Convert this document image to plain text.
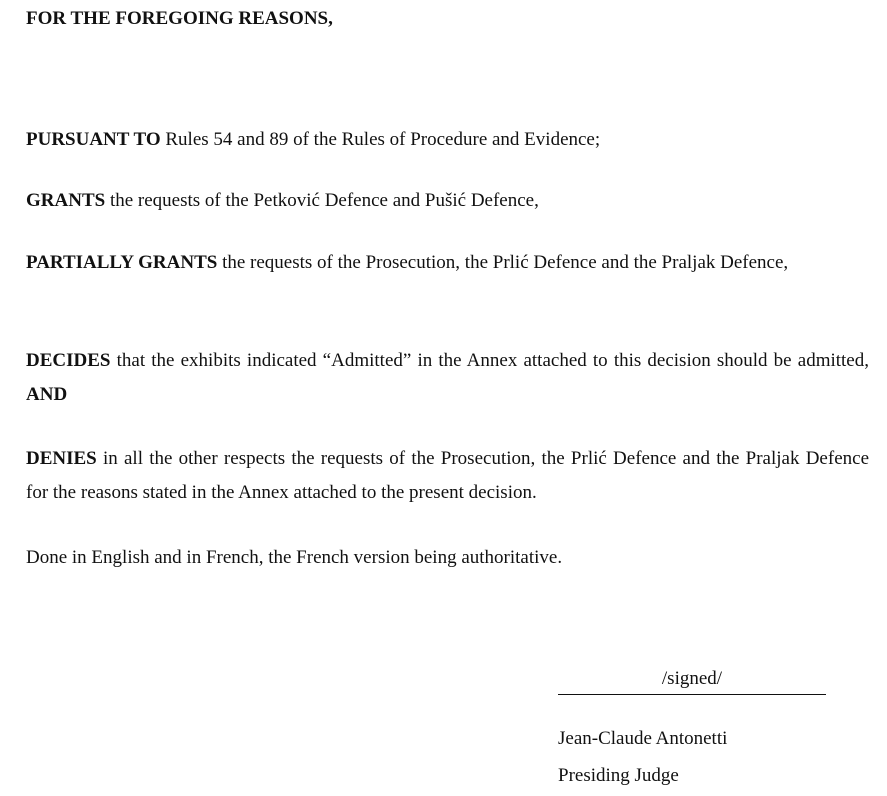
FOR THE FOREGOING REASONS,
PURSUANT TO Rules 54 and 89 of the Rules of Procedure and Evidence;
GRANTS the requests of the Petković Defence and Pušić Defence,
PARTIALLY GRANTS the requests of the Prosecution, the Prlić Defence and the Praljak Defence,
DECIDES that the exhibits indicated “Admitted” in the Annex attached to this decision should be admitted, AND
DENIES in all the other respects the requests of the Prosecution, the Prlić Defence and the Praljak Defence for the reasons stated in the Annex attached to the present decision.
Done in English and in French, the French version being authoritative.
/signed/
Jean-Claude Antonetti
Presiding Judge
